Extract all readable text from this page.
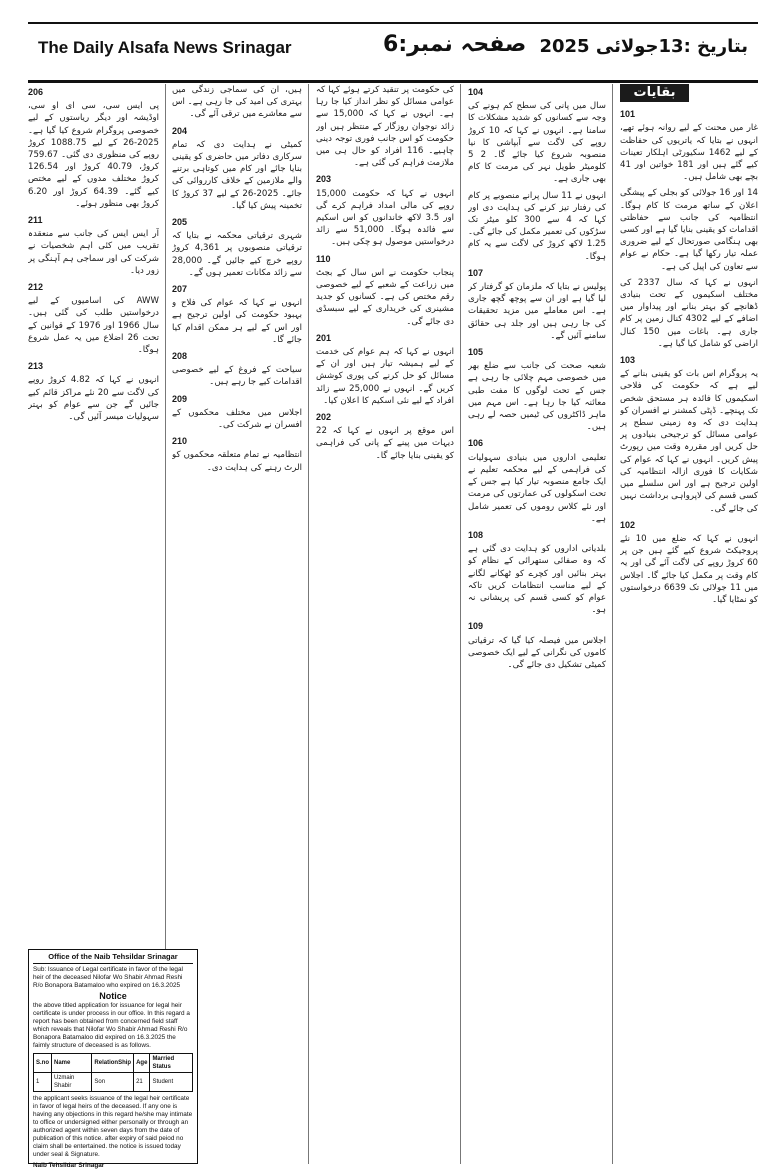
The Daily Alsafa News Srinagar	صفحہ نمبر:6 بتاریخ :13جولائی 2025
بقایات
101

غار میں محنت کے لیے روانہ ہوئے تھے، انہوں نے بتایا کہ یاتریوں کی حفاظت کے لیے 1462 سکیورٹی اہلکار تعینات کیے گئے ہیں اور 181 خواتین اور 41 بچے بھی شامل ہیں۔

14 اور 16 جولائی کو بجلی کے پیشگی اعلان کے ساتھ مرمت کا کام ہوگا۔ انتظامیہ کی جانب سے حفاظتی اقدامات کو یقینی بنایا گیا ہے اور کسی بھی ہنگامی صورتحال کے لیے ضروری عملہ تیار رکھا گیا ہے۔ حکام نے عوام سے تعاون کی اپیل کی ہے۔

انہوں نے کہا کہ سال 2337 کی مختلف اسکیموں کے تحت بنیادی ڈھانچے کو بہتر بنانے اور پیداوار میں اضافے کے لیے 4302 کنال زمین پر کام جاری ہے۔ باغات میں 150 کنال اراضی کو شامل کیا گیا ہے۔

103

یہ پروگرام اس بات کو یقینی بنانے کے لیے ہے کہ حکومت کی فلاحی اسکیموں کا فائدہ ہر مستحق شخص تک پہنچے۔ ڈپٹی کمشنر نے افسران کو ہدایت دی کہ وہ زمینی سطح پر عوامی مسائل کو ترجیحی بنیادوں پر حل کریں اور مقررہ وقت میں رپورٹ پیش کریں۔ انہوں نے کہا کہ عوام کی شکایات کا فوری ازالہ انتظامیہ کی اولین ترجیح ہے اور اس سلسلے میں کسی قسم کی لاپرواہی برداشت نہیں کی جائے گی۔

102

انہوں نے کہا کہ ضلع میں 10 نئے پروجیکٹ شروع کیے گئے ہیں جن پر 60 کروڑ روپے کی لاگت آئے گی اور یہ کام وقت پر مکمل کیا جائے گا۔ اجلاس میں 11 جولائی تک 6639 درخواستوں کو نمٹایا گیا۔

104

سال میں پانی کی سطح کم ہونے کی وجہ سے کسانوں کو شدید مشکلات کا سامنا ہے۔ انہوں نے کہا کہ 10 کروڑ روپے کی لاگت سے آبپاشی کا نیا منصوبہ شروع کیا جائے گا۔ 2 5 کلومیٹر طویل نہر کی مرمت کا کام بھی جاری ہے۔

انہوں نے 11 سال پرانے منصوبے پر کام کی رفتار تیز کرنے کی ہدایت دی اور کہا کہ 4 سے 300 کلو میٹر تک سڑکوں کی تعمیر مکمل کی جائے گی۔ 1.25 لاکھ کروڑ کی لاگت سے یہ کام ہوگا۔

107

پولیس نے بتایا کہ ملزمان کو گرفتار کر لیا گیا ہے اور ان سے پوچھ گچھ جاری ہے۔ اس معاملے میں مزید تحقیقات کی جا رہی ہیں اور جلد ہی حقائق سامنے آئیں گے۔

105

شعبہ صحت کی جانب سے ضلع بھر میں خصوصی مہم چلائی جا رہی ہے جس کے تحت لوگوں کا مفت طبی معائنہ کیا جا رہا ہے۔ اس مہم میں ماہر ڈاکٹروں کی ٹیمیں حصہ لے رہی ہیں۔

106

تعلیمی اداروں میں بنیادی سہولیات کی فراہمی کے لیے محکمہ تعلیم نے ایک جامع منصوبہ تیار کیا ہے جس کے تحت اسکولوں کی عمارتوں کی مرمت اور نئے کلاس روموں کی تعمیر شامل ہے۔

108

بلدیاتی اداروں کو ہدایت دی گئی ہے کہ وہ صفائی ستھرائی کے نظام کو بہتر بنائیں اور کچرے کو ٹھکانے لگانے کے لیے مناسب انتظامات کریں تاکہ عوام کو کسی قسم کی پریشانی نہ ہو۔

109

اجلاس میں فیصلہ کیا گیا کہ ترقیاتی کاموں کی نگرانی کے لیے ایک خصوصی کمیٹی تشکیل دی جائے گی۔

کی حکومت پر تنقید کرتے ہوئے کہا کہ عوامی مسائل کو نظر انداز کیا جا رہا ہے۔ انہوں نے کہا کہ 15,000 سے زائد نوجوان روزگار کے منتظر ہیں اور حکومت کو اس جانب فوری توجہ دینی چاہیے۔ 116 افراد کو حال ہی میں ملازمت فراہم کی گئی ہے۔

203

انہوں نے کہا کہ حکومت 15,000 روپے کی مالی امداد فراہم کرے گی اور 3.5 لاکھ خاندانوں کو اس اسکیم سے فائدہ ہوگا۔ 51,000 سے زائد درخواستیں موصول ہو چکی ہیں۔

110

پنجاب حکومت نے اس سال کے بجٹ میں زراعت کے شعبے کے لیے خصوصی رقم مختص کی ہے۔ کسانوں کو جدید مشینری کی خریداری کے لیے سبسڈی دی جائے گی۔

201

انہوں نے کہا کہ ہم عوام کی خدمت کے لیے ہمیشہ تیار ہیں اور ان کے مسائل کو حل کرنے کی پوری کوشش کریں گے۔ انہوں نے 25,000 سے زائد افراد کے لیے نئی اسکیم کا اعلان کیا۔

202

اس موقع پر انہوں نے کہا کہ 22 دیہات میں پینے کے پانی کی فراہمی کو یقینی بنایا جائے گا۔

ہیں، ان کی سماجی زندگی میں بہتری کی امید کی جا رہی ہے۔ اس سے معاشرے میں ترقی آئے گی۔

204

کمیٹی نے ہدایت دی کہ تمام سرکاری دفاتر میں حاضری کو یقینی بنایا جائے اور کام میں کوتاہی برتنے والے ملازمین کے خلاف کارروائی کی جائے۔ 2025-26 کے لیے 37 کروڑ کا تخمینہ پیش کیا گیا۔

205

شہری ترقیاتی محکمہ نے بتایا کہ ترقیاتی منصوبوں پر 4,361 کروڑ روپے خرچ کیے جائیں گے۔ 28,000 سے زائد مکانات تعمیر ہوں گے۔

207

انہوں نے کہا کہ عوام کی فلاح و بہبود حکومت کی اولین ترجیح ہے اور اس کے لیے ہر ممکن اقدام کیا جائے گا۔

208

سیاحت کے فروغ کے لیے خصوصی اقدامات کیے جا رہے ہیں۔

209

اجلاس میں مختلف محکموں کے افسران نے شرکت کی۔

210

انتظامیہ نے تمام متعلقہ محکموں کو الرٹ رہنے کی ہدایت دی۔

206

پی ایس سی، سی ای او سی، اوڈیشہ اور دیگر ریاستوں کے لیے خصوصی پروگرام شروع کیا گیا ہے۔ 2025-26 کے لیے 1088.75 کروڑ روپے کی منظوری دی گئی۔ 759.67 کروڑ، 40.79 کروڑ اور 126.54 کروڑ مختلف مدوں کے لیے مختص کیے گئے۔ 64.39 کروڑ اور 6.20 کروڑ بھی منظور ہوئے۔

211

آر ایس ایس کی جانب سے منعقدہ تقریب میں کئی اہم شخصیات نے شرکت کی اور سماجی ہم آہنگی پر زور دیا۔

212

AWW کی اسامیوں کے لیے درخواستیں طلب کی گئی ہیں۔ سال 1966 اور 1976 کے قوانین کے تحت 26 اضلاع میں یہ عمل شروع ہوگا۔

213

انہوں نے کہا کہ 4.82 کروڑ روپے کی لاگت سے 20 نئے مراکز قائم کیے جائیں گے جن سے عوام کو بہتر سہولیات میسر آئیں گی۔

Office of the Naib Tehsildar Srinagar
Sub: Issuance of Legal certificate in favor of the legal heir of the deceased Nilofar Wo Shabir Ahmad Reshi R/o Bonapora Batamaloo who expired on 16.3.2025
Notice
the above titled application for issuance for legal heir certificate is under process in our office. In this regard a report has been obtained from concerned field staff which reveals that Nilofar Wo Shabir Ahmad Reshi R/o Bonapora Batamaloo did expired on 16.3.2025 the faimly structure of deceased is as follows.
S.no	Name	RelationShip	Age	Married Status
1	Uzmain Shabir	Son	21	Student
the applicant seeks issuance of the legal heir certificate in favor of legal heirs of the deceased. If any one is having any objections in this regard he/she may intimate to office or undersigned either personally or through an authorized agent within seven days from the date of publication of this notice. after expiry of said peiod no claim shall be entertained. the notice is issued today under seal & Signature.
Naib Tehsildar Srinagar
